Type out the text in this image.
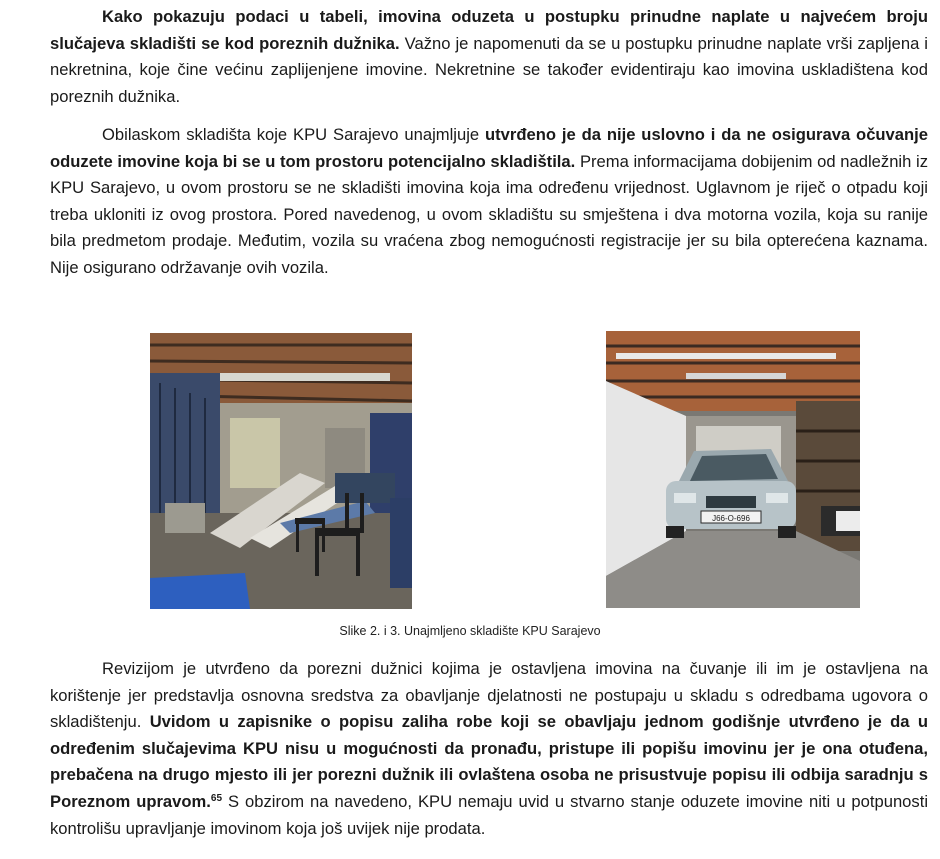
Kako pokazuju podaci u tabeli, imovina oduzeta u postupku prinudne naplate u najvećem broju slučajeva skladišti se kod poreznih dužnika. Važno je napomenuti da se u postupku prinudne naplate vrši zapljena i nekretnina, koje čine većinu zaplijenjene imovine. Nekretnine se također evidentiraju kao imovina uskladištena kod poreznih dužnika.

Obilaskom skladišta koje KPU Sarajevo unajmljuje utvrđeno je da nije uslovno i da ne osigurava očuvanje oduzete imovine koja bi se u tom prostoru potencijalno skladištila. Prema informacijama dobijenim od nadležnih iz KPU Sarajevo, u ovom prostoru se ne skladišti imovina koja ima određenu vrijednost. Uglavnom je riječ o otpadu koji treba ukloniti iz ovog prostora. Pored navedenog, u ovom skladištu su smještena i dva motorna vozila, koja su ranije bila predmetom prodaje. Međutim, vozila su vraćena zbog nemogućnosti registracije jer su bila opterećena kaznama. Nije osigurano održavanje ovih vozila.

J66-O-696
Slike 2. i 3. Unajmljeno skladište KPU Sarajevo

Revizijom je utvrđeno da porezni dužnici kojima je ostavljena imovina na čuvanje ili im je ostavljena na korištenje jer predstavlja osnovna sredstva za obavljanje djelatnosti ne postupaju u skladu s odredbama ugovora o skladištenju. Uvidom u zapisnike o popisu zaliha robe koji se obavljaju jednom godišnje utvrđeno je da u određenim slučajevima KPU nisu u mogućnosti da pronađu, pristupe ili popišu imovinu jer je ona otuđena, prebačena na drugo mjesto ili jer porezni dužnik ili ovlaštena osoba ne prisustvuje popisu ili odbija saradnju s Poreznom upravom.$^{65}$ S obzirom na navedeno, KPU nemaju uvid u stvarno stanje oduzete imovine niti u potpunosti kontrolišu upravljanje imovinom koja još uvijek nije prodata.
